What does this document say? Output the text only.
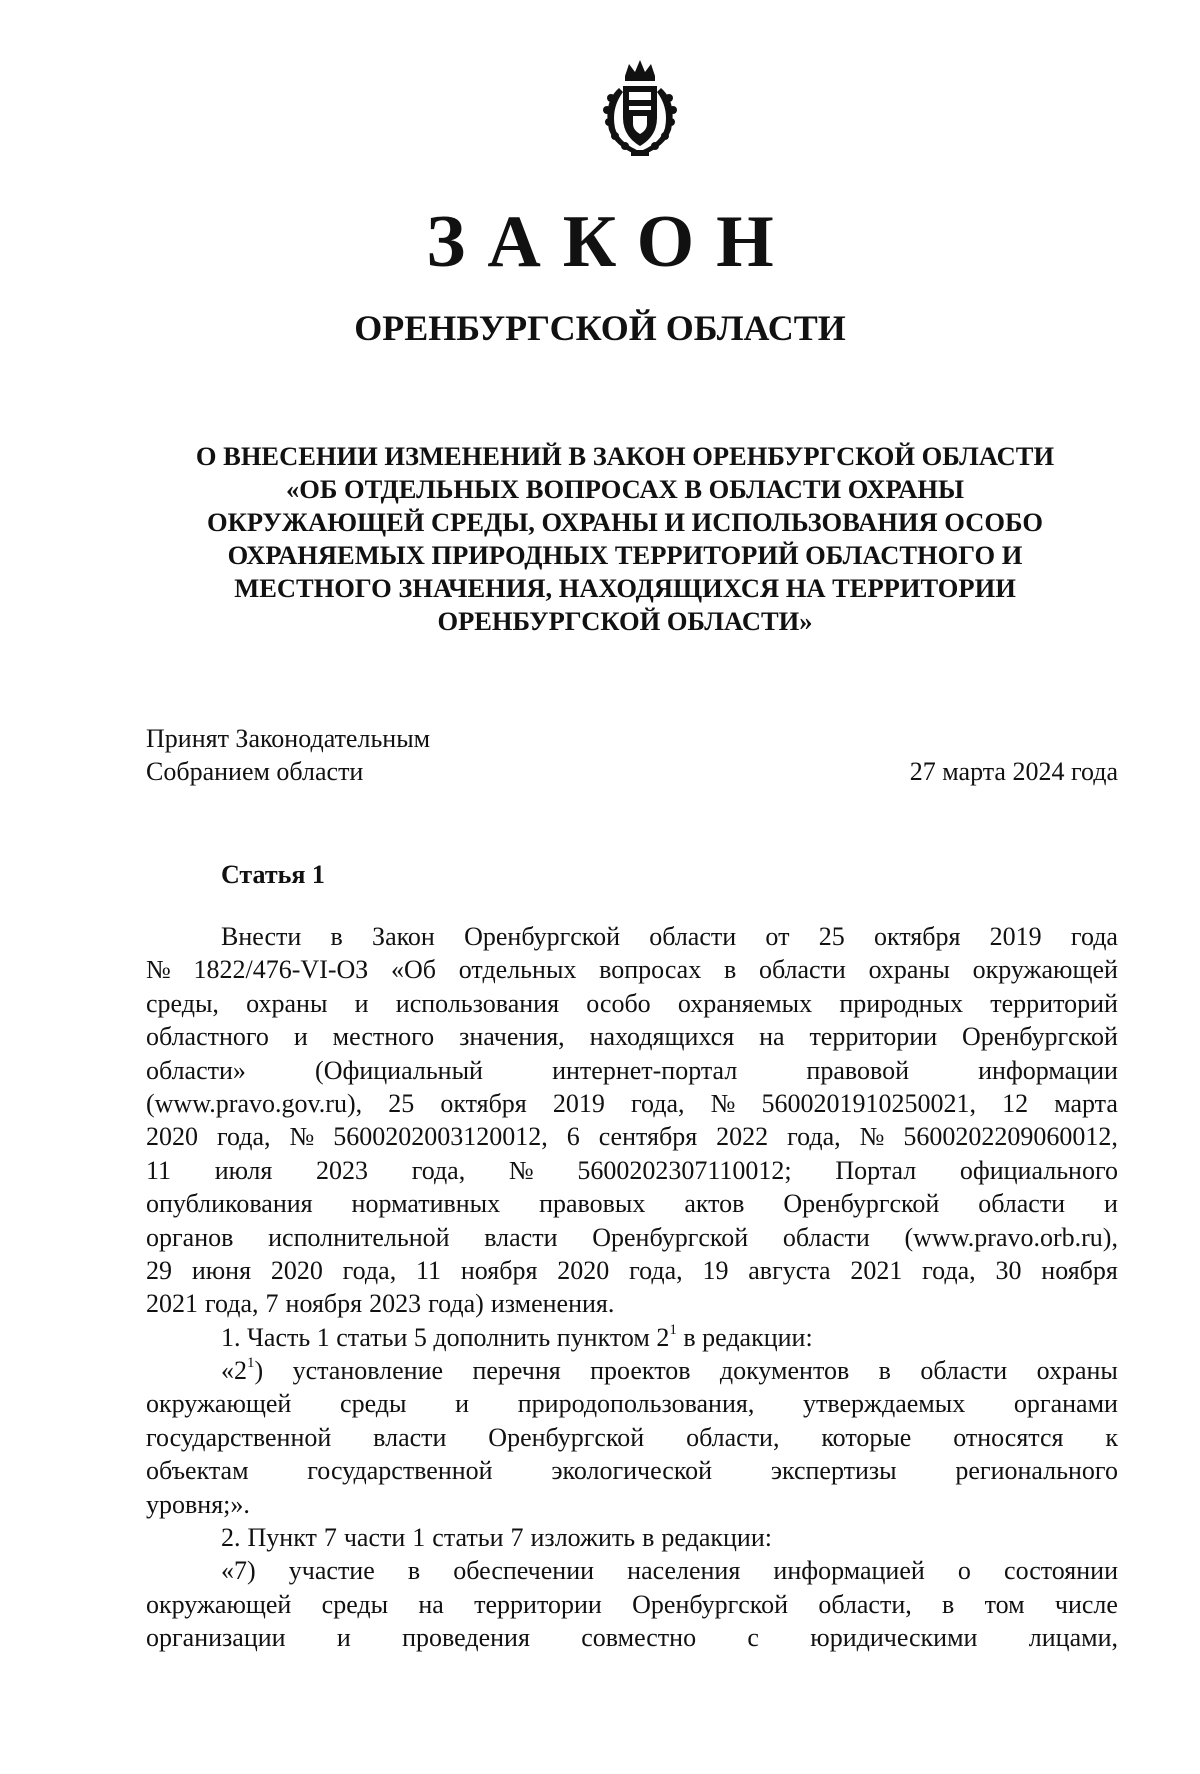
ЗАКОН
ОРЕНБУРГСКОЙ ОБЛАСТИ
О ВНЕСЕНИИ ИЗМЕНЕНИЙ В ЗАКОН ОРЕНБУРГСКОЙ ОБЛАСТИ
«ОБ ОТДЕЛЬНЫХ ВОПРОСАХ В ОБЛАСТИ ОХРАНЫ
ОКРУЖАЮЩЕЙ СРЕДЫ, ОХРАНЫ И ИСПОЛЬЗОВАНИЯ ОСОБО
ОХРАНЯЕМЫХ ПРИРОДНЫХ ТЕРРИТОРИЙ ОБЛАСТНОГО И
МЕСТНОГО ЗНАЧЕНИЯ, НАХОДЯЩИХСЯ НА ТЕРРИТОРИИ
ОРЕНБУРГСКОЙ ОБЛАСТИ»
Принят Законодательным
Собранием области	27 марта 2024 года
Статья 1
Внести в Закон Оренбургской области от 25 октября 2019 года
№ 1822/476-VI-ОЗ «Об отдельных вопросах в области охраны окружающей
среды, охраны и использования особо охраняемых природных территорий
областного и местного значения, находящихся на территории Оренбургской
области»	(Официальный	интернет-портал	правовой	информации
(www.pravo.gov.ru), 25 октября 2019 года, № 5600201910250021, 12 марта
2020 года, № 5600202003120012, 6 сентября 2022 года, № 5600202209060012,
11 июля 2023 года, № 5600202307110012; Портал официального
опубликования нормативных правовых актов Оренбургской области и
органов исполнительной власти Оренбургской области (www.pravo.orb.ru),
29 июня 2020 года, 11 ноября 2020 года, 19 августа 2021 года, 30 ноября
2021 года, 7 ноября 2023 года) изменения.
1. Часть 1 статьи 5 дополнить пунктом $2^1$ в редакции:
«$2^1$) установление перечня проектов документов в области охраны
окружающей среды и природопользования, утверждаемых органами
государственной власти Оренбургской области, которые относятся к
объектам государственной экологической экспертизы регионального
уровня;».
2. Пункт 7 части 1 статьи 7 изложить в редакции:
«7) участие в обеспечении населения информацией о состоянии
окружающей среды на территории Оренбургской области, в том числе
организации и проведения совместно с юридическими лицами,
